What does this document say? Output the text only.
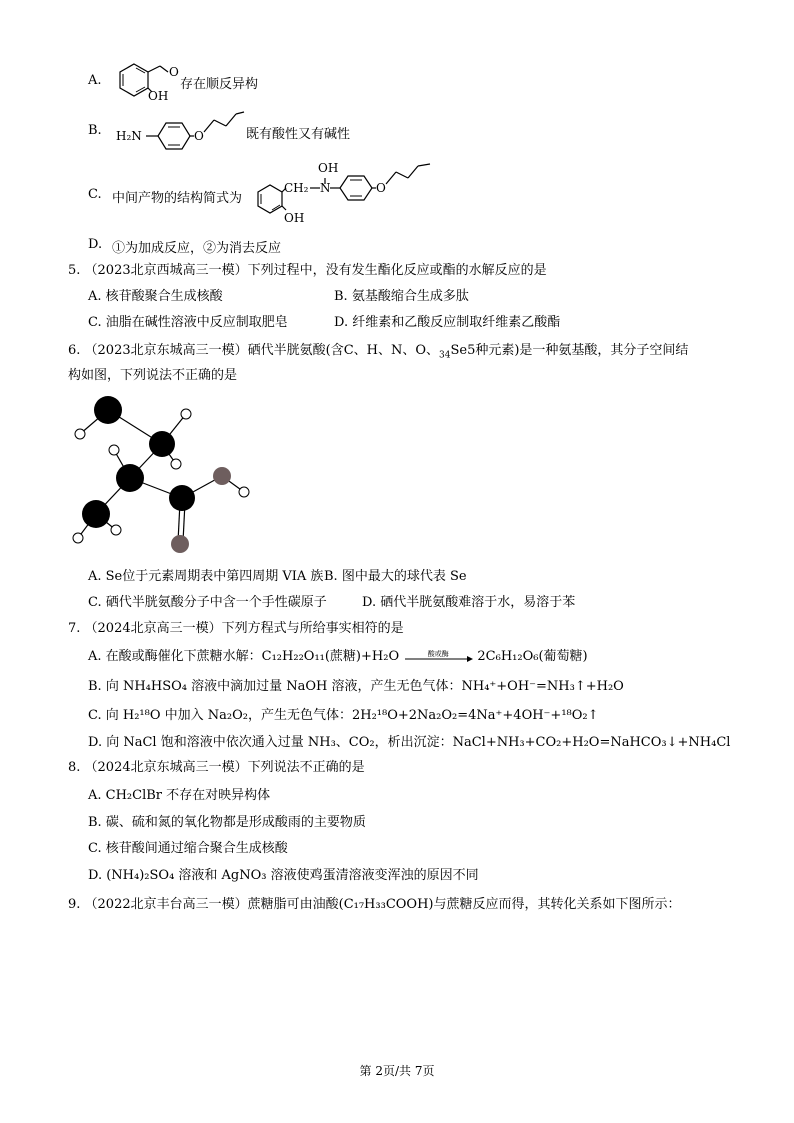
A.
O
OH
存在顺反异构
B. H₂N	O	既有酸性又有碱性
C. 中间产物的结构简式为
CH₂ N
OH
O
OH
D. ①为加成反应，②为消去反应
5. （2023北京西城高三一模）下列过程中，没有发生酯化反应或酯的水解反应的是
A. 核苷酸聚合生成核酸	B. 氨基酸缩合生成多肽
C. 油脂在碱性溶液中反应制取肥皂	D. 纤维素和乙酸反应制取纤维素乙酸酯
6. （2023北京东城高三一模）硒代半胱氨酸(含C、H、N、O、$_{34}$Se5种元素)是一种氨基酸，其分子空间结
构如图，下列说法不正确的是
A. Se位于元素周期表中第四周期 VIA 族 B. 图中最大的球代表 Se
C. 硒代半胱氨酸分子中含一个手性碳原子	D. 硒代半胱氨酸难溶于水，易溶于苯
7. （2024北京高三一模）下列方程式与所给事实相符的是
A. 在酸或酶催化下蔗糖水解：C₁₂H₂₂O₁₁(蔗糖)+H₂O	酸或酶	2C₆H₁₂O₆(葡萄糖)
B. 向 NH₄HSO₄ 溶液中滴加过量 NaOH 溶液，产生无色气体：NH₄⁺+OH⁻=NH₃↑+H₂O
C. 向 H₂¹⁸O 中加入 Na₂O₂，产生无色气体：2H₂¹⁸O+2Na₂O₂=4Na⁺+4OH⁻+¹⁸O₂↑
D. 向 NaCl 饱和溶液中依次通入过量 NH₃、CO₂，析出沉淀：NaCl+NH₃+CO₂+H₂O=NaHCO₃↓+NH₄Cl
8. （2024北京东城高三一模）下列说法不正确的是
A. CH₂ClBr 不存在对映异构体
B. 碳、硫和氮的氧化物都是形成酸雨的主要物质
C. 核苷酸间通过缩合聚合生成核酸
D. (NH₄)₂SO₄ 溶液和 AgNO₃ 溶液使鸡蛋清溶液变浑浊的原因不同
9. （2022北京丰台高三一模）蔗糖脂可由油酸(C₁₇H₃₃COOH)与蔗糖反应而得，其转化关系如下图所示：
第 2页/共 7页
